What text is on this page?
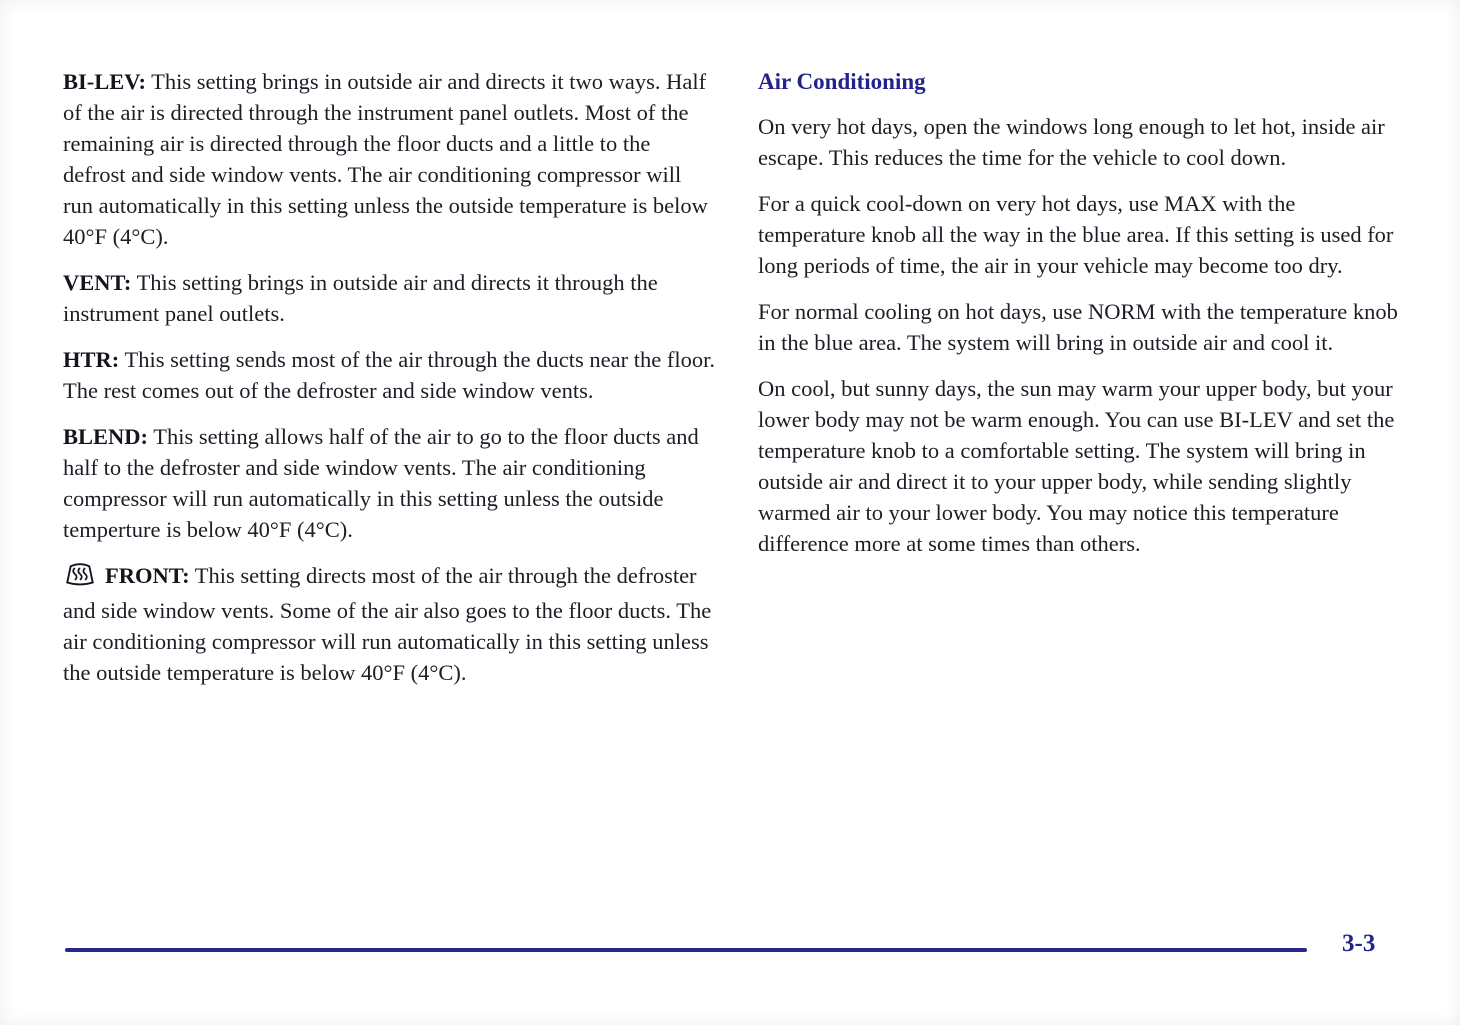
BI-LEV: This setting brings in outside air and directs it two ways. Half of the air is directed through the instrument panel outlets. Most of the remaining air is directed through the floor ducts and a little to the defrost and side window vents. The air conditioning compressor will run automatically in this setting unless the outside temperature is below 40°F (4°C).

VENT: This setting brings in outside air and directs it through the instrument panel outlets.

HTR: This setting sends most of the air through the ducts near the floor. The rest comes out of the defroster and side window vents.

BLEND: This setting allows half of the air to go to the floor ducts and half to the defroster and side window vents. The air conditioning compressor will run automatically in this setting unless the outside temperture is below 40°F (4°C).

FRONT: This setting directs most of the air through the defroster and side window vents. Some of the air also goes to the floor ducts. The air conditioning compressor will run automatically in this setting unless the outside temperature is below 40°F (4°C).

Air Conditioning

On very hot days, open the windows long enough to let hot, inside air escape. This reduces the time for the vehicle to cool down.

For a quick cool-down on very hot days, use MAX with the temperature knob all the way in the blue area. If this setting is used for long periods of time, the air in your vehicle may become too dry.

For normal cooling on hot days, use NORM with the temperature knob in the blue area. The system will bring in outside air and cool it.

On cool, but sunny days, the sun may warm your upper body, but your lower body may not be warm enough. You can use BI-LEV and set the temperature knob to a comfortable setting. The system will bring in outside air and direct it to your upper body, while sending slightly warmed air to your lower body. You may notice this temperature difference more at some times than others.

3-3
